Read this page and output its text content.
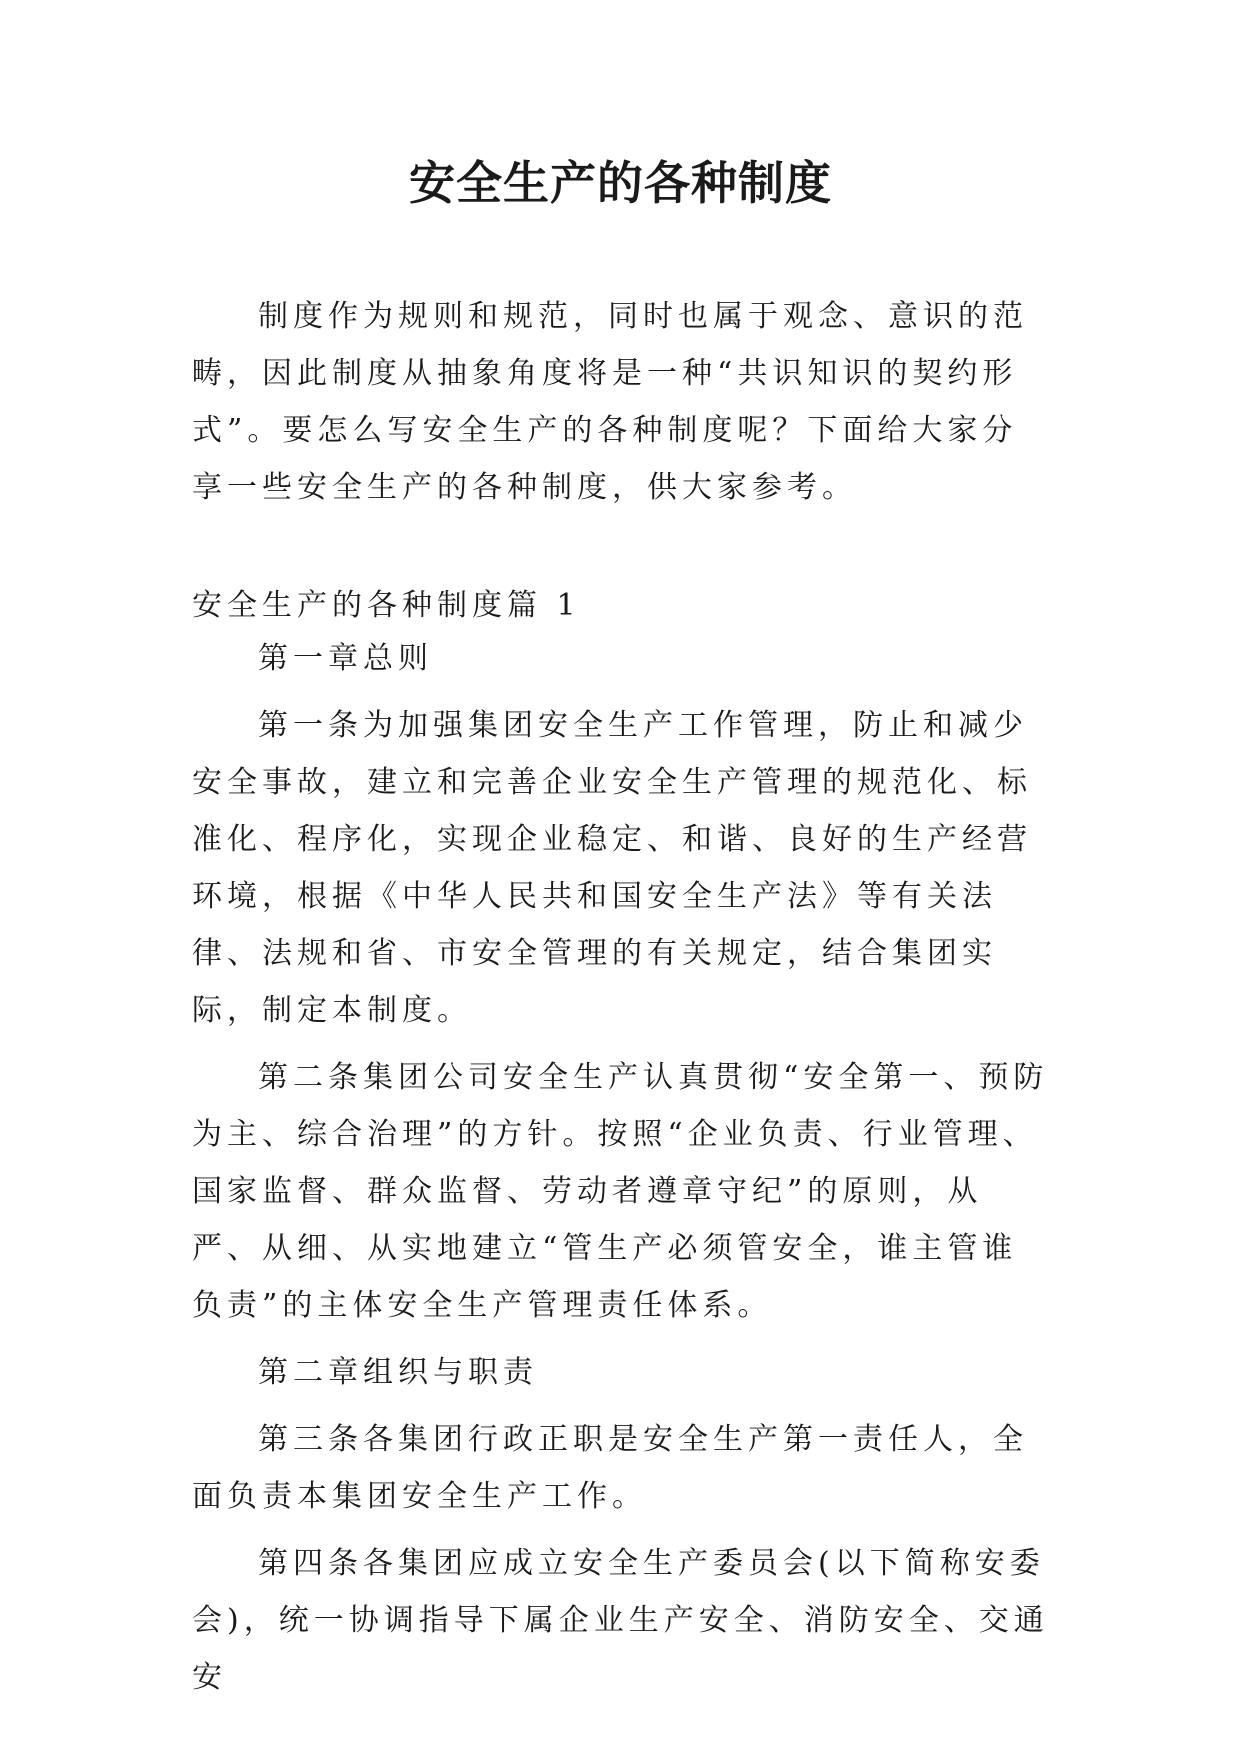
安全生产的各种制度

制度作为规则和规范，同时也属于观念、意识的范畴，因此制度从抽象角度将是一种“共识知识的契约形式”。要怎么写安全生产的各种制度呢？下面给大家分享一些安全生产的各种制度，供大家参考。

安全生产的各种制度篇 1

第一章总则

第一条为加强集团安全生产工作管理，防止和减少安全事故，建立和完善企业安全生产管理的规范化、标准化、程序化，实现企业稳定、和谐、良好的生产经营环境，根据《中华人民共和国安全生产法》等有关法律、法规和省、市安全管理的有关规定，结合集团实际，制定本制度。

第二条集团公司安全生产认真贯彻“安全第一、预防为主、综合治理”的方针。按照“企业负责、行业管理、国家监督、群众监督、劳动者遵章守纪”的原则，从严、从细、从实地建立“管生产必须管安全，谁主管谁负责”的主体安全生产管理责任体系。

第二章组织与职责

第三条各集团行政正职是安全生产第一责任人，全面负责本集团安全生产工作。

第四条各集团应成立安全生产委员会(以下简称安委会)，统一协调指导下属企业生产安全、消防安全、交通安
